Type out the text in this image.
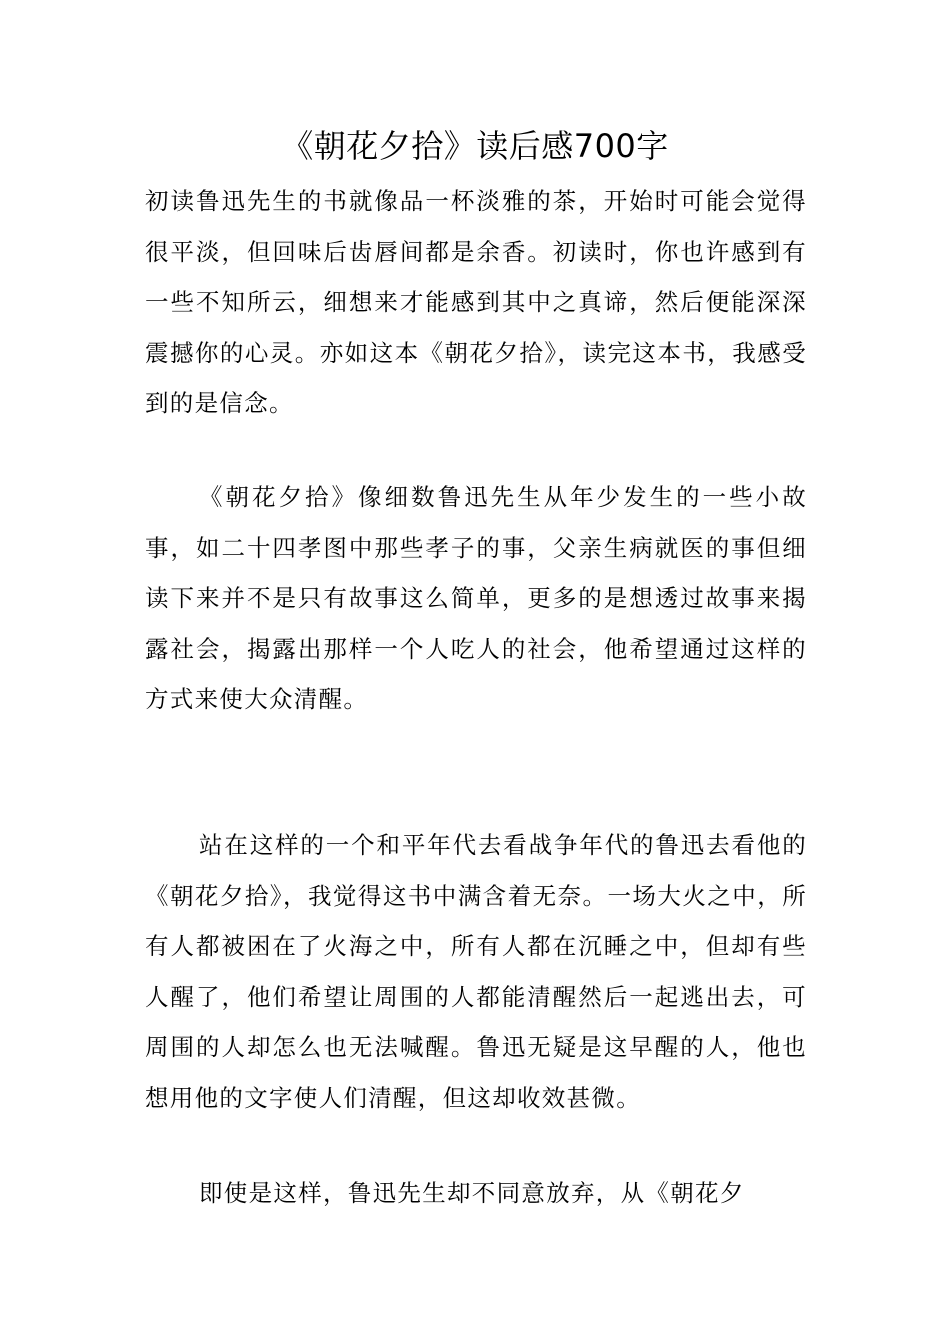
《朝花夕拾》读后感700字

初读鲁迅先生的书就像品一杯淡雅的茶，开始时可能会觉得很平淡，但回味后齿唇间都是余香。初读时，你也许感到有一些不知所云，细想来才能感到其中之真谛，然后便能深深震撼你的心灵。亦如这本《朝花夕拾》，读完这本书，我感受到的是信念。

《朝花夕拾》像细数鲁迅先生从年少发生的一些小故事，如二十四孝图中那些孝子的事，父亲生病就医的事但细读下来并不是只有故事这么简单，更多的是想透过故事来揭露社会，揭露出那样一个人吃人的社会，他希望通过这样的方式来使大众清醒。

站在这样的一个和平年代去看战争年代的鲁迅去看他的《朝花夕拾》，我觉得这书中满含着无奈。一场大火之中，所有人都被困在了火海之中，所有人都在沉睡之中，但却有些人醒了，他们希望让周围的人都能清醒然后一起逃出去，可周围的人却怎么也无法喊醒。鲁迅无疑是这早醒的人，他也想用他的文字使人们清醒，但这却收效甚微。

即使是这样，鲁迅先生却不同意放弃，从《朝花夕
